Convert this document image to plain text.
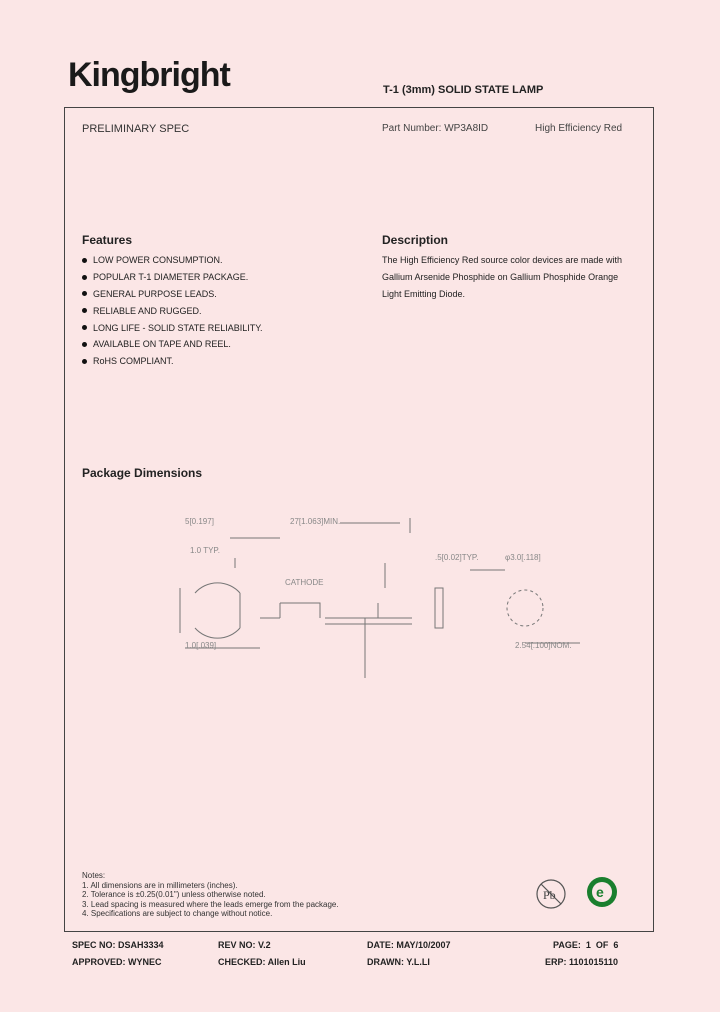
Kingbright	T-1 (3mm) SOLID STATE LAMP
PRELIMINARY SPEC	Part Number: WP3A8ID	High Efficiency Red
Features
LOW POWER CONSUMPTION.
POPULAR T-1 DIAMETER PACKAGE.
GENERAL PURPOSE LEADS.
RELIABLE AND RUGGED.
LONG LIFE - SOLID STATE RELIABILITY.
AVAILABLE ON TAPE AND REEL.
RoHS COMPLIANT.
Description
The High Efficiency Red source color devices are made with
Gallium Arsenide Phosphide on Gallium Phosphide Orange
Light Emitting Diode.
Package Dimensions
5[0.197]	27[1.063]MIN.
1.0 TYP.
CATHODE
.5[0.02]TYP.	φ3.0[.118]
1.0[.039]	2.54[.100]NOM.
Notes:
1. All dimensions are in millimeters (inches).
2. Tolerance is ±0.25(0.01") unless otherwise noted.
3. Lead spacing is measured where the leads emerge from the package.
4. Specifications are subject to change without notice.
Pb	e
SPEC NO: DSAH3334	REV NO: V.2	DATE: MAY/10/2007	PAGE:  1  OF  6
APPROVED: WYNEC	CHECKED: Allen Liu	DRAWN: Y.L.LI	ERP: 1101015110
